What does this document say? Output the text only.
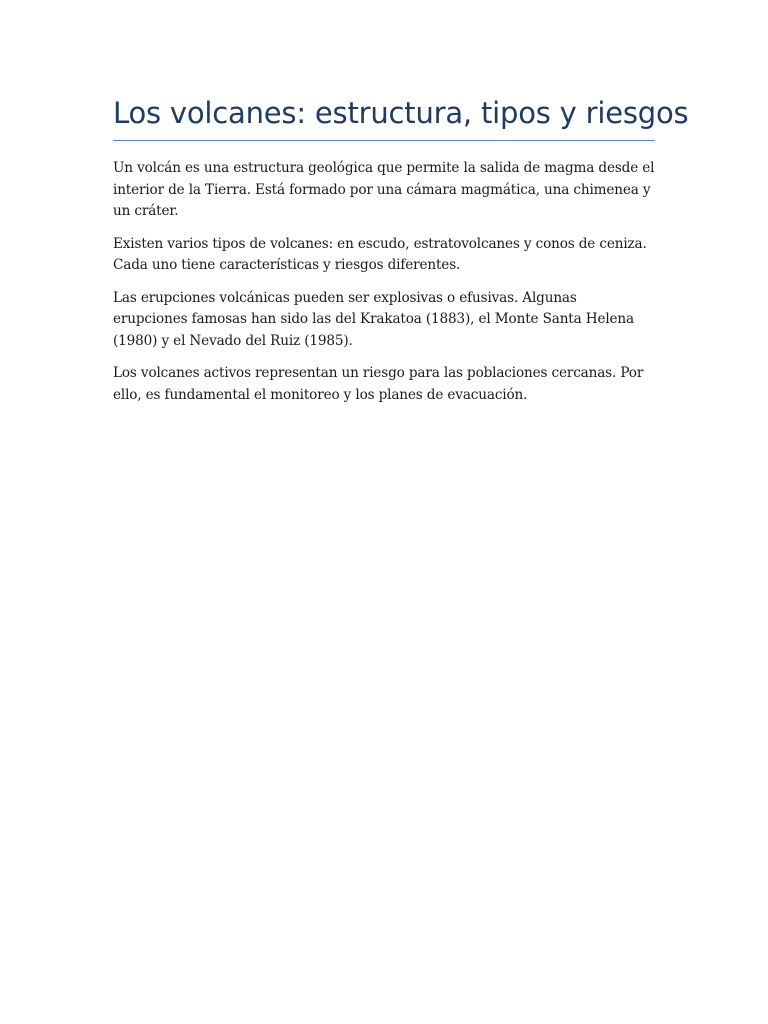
Los volcanes: estructura, tipos y riesgos

Un volcán es una estructura geológica que permite la salida de magma desde el interior de la Tierra. Está formado por una cámara magmática, una chimenea y un cráter.

Existen varios tipos de volcanes: en escudo, estratovolcanes y conos de ceniza. Cada uno tiene características y riesgos diferentes.

Las erupciones volcánicas pueden ser explosivas o efusivas. Algunas erupciones famosas han sido las del Krakatoa (1883), el Monte Santa Helena (1980) y el Nevado del Ruiz (1985).

Los volcanes activos representan un riesgo para las poblaciones cercanas. Por ello, es fundamental el monitoreo y los planes de evacuación.
